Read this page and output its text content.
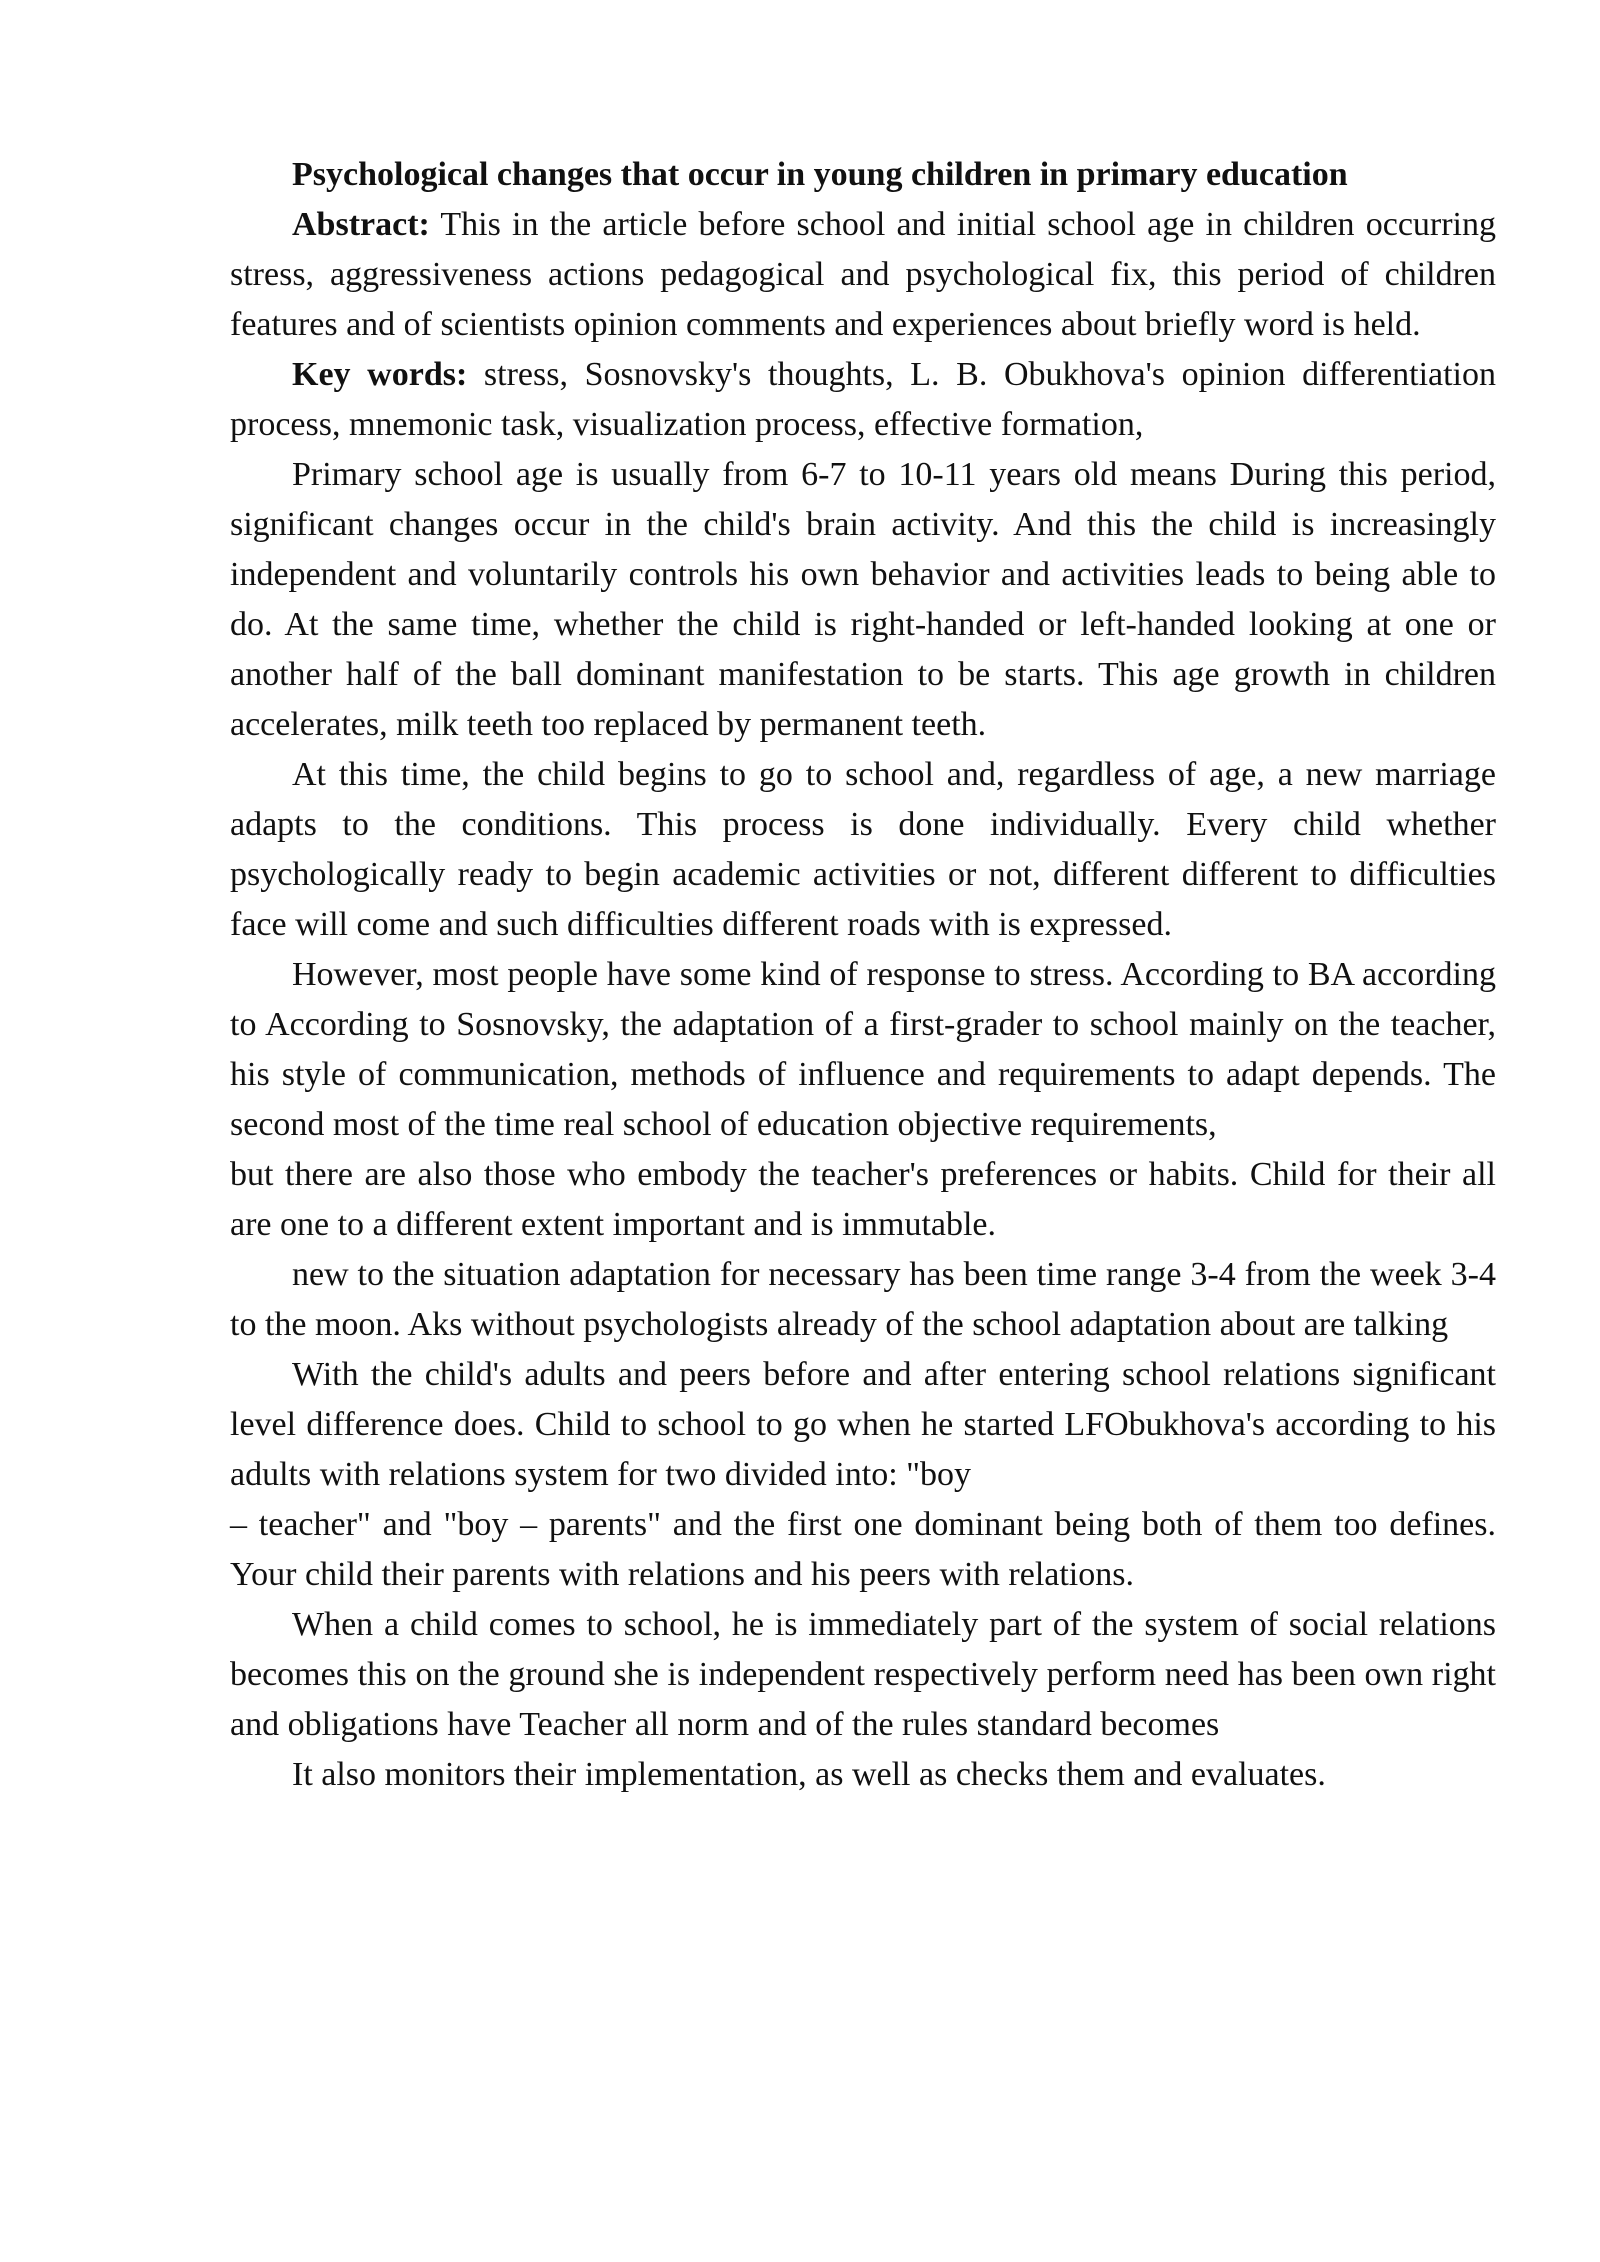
Psychological changes that occur in young children in primary education

Abstract: This in the article before school and initial school age in children occurring stress, aggressiveness actions pedagogical and psychological fix, this period of children features and of scientists opinion comments and experiences about briefly word is held.

Key words: stress, Sosnovsky's thoughts, L. B. Obukhova's opinion differentiation process, mnemonic task, visualization process, effective formation,

Primary school age is usually from 6-7 to 10-11 years old means During this period, significant changes occur in the child's brain activity. And this the child is increasingly independent and voluntarily controls his own behavior and activities leads to being able to do. At the same time, whether the child is right-handed or left-handed looking at one or another half of the ball dominant manifestation to be starts. This age growth in children accelerates, milk teeth too replaced by permanent teeth.

At this time, the child begins to go to school and, regardless of age, a new marriage adapts to the conditions. This process is done individually. Every child whether psychologically ready to begin academic activities or not, different different to difficulties face will come and such difficulties different roads with is expressed.

However, most people have some kind of response to stress. According to BA according to According to Sosnovsky, the adaptation of a first-grader to school mainly on the teacher, his style of communication, methods of influence and requirements to adapt depends. The second most of the time real school of education objective requirements,

but there are also those who embody the teacher's preferences or habits. Child for their all are one to a different extent important and is immutable.

new to the situation adaptation for necessary has been time range 3-4 from the week 3-4 to the moon. Aks without psychologists already of the school adaptation about are talking

With the child's adults and peers before and after entering school relations significant level difference does. Child to school to go when he started LFObukhova's according to his adults with relations system for two divided into: "boy

– teacher" and "boy – parents" and the first one dominant being both of them too defines. Your child their parents with relations and his peers with relations.

When a child comes to school, he is immediately part of the system of social relations becomes this on the ground she is independent respectively perform need has been own right and obligations have Teacher all norm and of the rules standard becomes

It also monitors their implementation, as well as checks them and evaluates.
